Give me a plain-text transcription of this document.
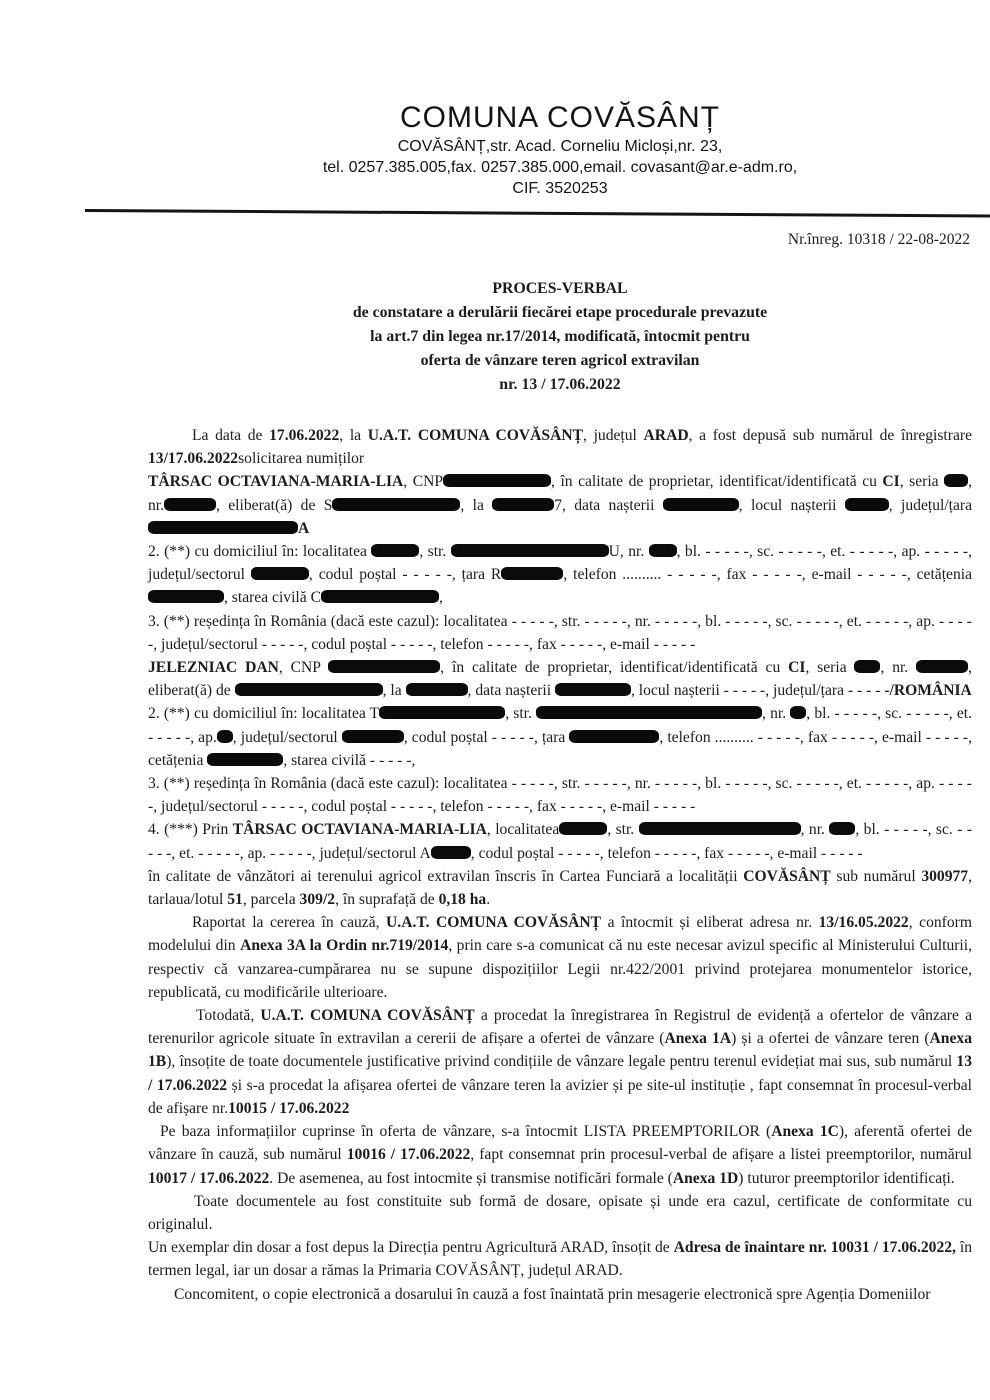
COMUNA COVĂSÂNȚ
COVĂSÂNȚ,str. Acad. Corneliu Micloși,nr. 23,
tel. 0257.385.005,fax. 0257.385.000,email. covasant@ar.e-adm.ro,
CIF. 3520253
Nr.înreg. 10318 / 22-08-2022
PROCES-VERBAL
de constatare a derulării fiecărei etape procedurale prevazute
la art.7 din legea nr.17/2014, modificată, întocmit pentru
oferta de vânzare teren agricol extravilan
nr. 13 / 17.06.2022

La data de 17.06.2022, la U.A.T. COMUNA COVĂSÂNȚ, județul ARAD, a fost depusă sub numărul de înregistrare 13/17.06.2022solicitarea numiților

TÂRSAC OCTAVIANA-MARIA-LIA, CNP	, în calitate de proprietar, identificat/identificată cu CI, seria , nr.	, eliberat(ă) de S	, la	7, data nașterii	, locul nașterii	, județul/țara A

2. (**) cu domiciliul în: localitatea	, str.	U, nr. , bl. - - - - -, sc. - - - - -, et. - - - - -, ap. - - - - -, județul/sectorul	, codul poștal - - - - -, țara R	, telefon .......... - - - - -, fax - - - - -, e-mail - - - - -, cetățenia , starea civilă C	,

3. (**) reședința în România (dacă este cazul): localitatea - - - - -, str. - - - - -, nr. - - - - -, bl. - - - - -, sc. - - - - -, et. - - - - -, ap. - - - - -, județul/sectorul - - - - -, codul poștal - - - - -, telefon - - - - -, fax - - - - -, e-mail - - - - -

JELEZNIAC DAN, CNP	, în calitate de proprietar, identificat/identificată cu CI, seria , nr.	, eliberat(ă) de	, la	, data nașterii	, locul nașterii - - - - -, județul/țara - - - - -/ROMÂNIA

2. (**) cu domiciliul în: localitatea T	, str.	, nr. , bl. - - - - -, sc. - - - - -, et. - - - - -, ap. , județul/sectorul	, codul poștal - - - - -, țara	, telefon .......... - - - - -, fax - - - - -, e-mail - - - - -, cetățenia	, starea civilă - - - - -,

3. (**) reședința în România (dacă este cazul): localitatea - - - - -, str. - - - - -, nr. - - - - -, bl. - - - - -, sc. - - - - -, et. - - - - -, ap. - - - - -, județul/sectorul - - - - -, codul poștal - - - - -, telefon - - - - -, fax - - - - -, e-mail - - - - -

4. (***) Prin TÂRSAC OCTAVIANA-MARIA-LIA, localitatea	, str.	, nr. , bl. - - - - -, sc. - - - - -, et. - - - - -, ap. - - - - -, județul/sectorul A	, codul poștal - - - - -, telefon - - - - -, fax - - - - -, e-mail - - - - -

în calitate de vânzători ai terenului agricol extravilan înscris în Cartea Funciară a localității COVĂSÂNȚ sub numărul 300977, tarlaua/lotul 51, parcela 309/2, în suprafață de 0,18 ha.

Raportat la cererea în cauză, U.A.T. COMUNA COVĂSÂNȚ a întocmit și eliberat adresa nr. 13/16.05.2022, conform modelului din Anexa 3A la Ordin nr.719/2014, prin care s-a comunicat că nu este necesar avizul specific al Ministerului Culturii, respectiv că vanzarea-cumpărarea nu se supune dispozițiilor Legii nr.422/2001 privind protejarea monumentelor istorice, republicată, cu modificările ulterioare.

Totodată, U.A.T. COMUNA COVĂSÂNȚ a procedat la înregistrarea în Registrul de evidență a ofertelor de vânzare a terenurilor agricole situate în extravilan a cererii de afișare a ofertei de vânzare (Anexa 1A) și a ofertei de vânzare teren (Anexa 1B), însoțite de toate documentele justificative privind condițiile de vânzare legale pentru terenul evidețiat mai sus, sub numărul 13 / 17.06.2022 și s-a procedat la afișarea ofertei de vânzare teren la avizier și pe site-ul instituție , fapt consemnat în procesul-verbal de afișare nr.10015 / 17.06.2022

Pe baza informațiilor cuprinse în oferta de vânzare, s-a întocmit LISTA PREEMPTORILOR (Anexa 1C), aferentă ofertei de vânzare în cauză, sub numărul 10016 / 17.06.2022, fapt consemnat prin procesul-verbal de afișare a listei preemptorilor, numărul 10017 / 17.06.2022. De asemenea, au fost intocmite și transmise notificări formale (Anexa 1D) tuturor preemptorilor identificați.

Toate documentele au fost constituite sub formă de dosare, opisate și unde era cazul, certificate de conformitate cu originalul.

Un exemplar din dosar a fost depus la Direcția pentru Agricultură ARAD, însoțit de Adresa de înaintare nr. 10031 / 17.06.2022, în termen legal, iar un dosar a rămas la Primaria COVĂSÂNȚ, județul ARAD.

Concomitent, o copie electronică a dosarului în cauză a fost înaintată prin mesagerie electronică spre Agenția Domeniilor
